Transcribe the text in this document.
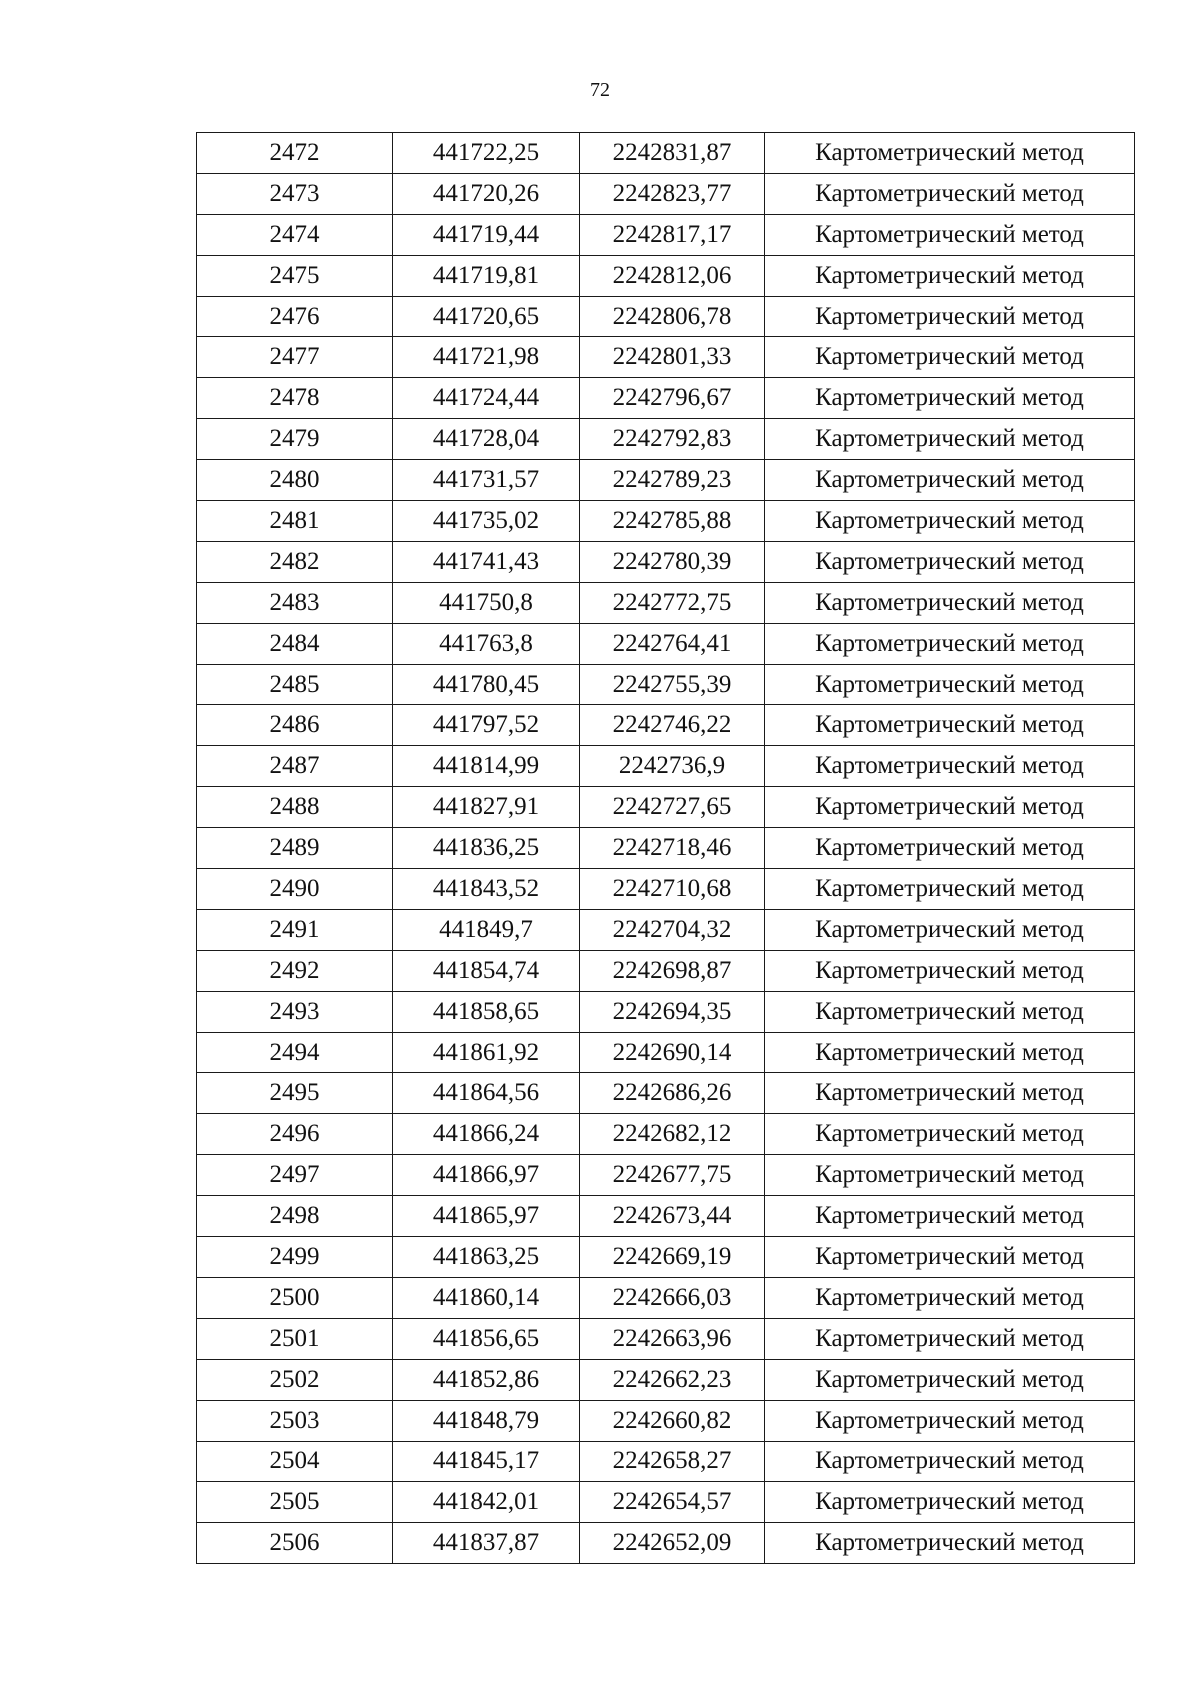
72
2472	441722,25	2242831,87	Картометрический метод
2473	441720,26	2242823,77	Картометрический метод
2474	441719,44	2242817,17	Картометрический метод
2475	441719,81	2242812,06	Картометрический метод
2476	441720,65	2242806,78	Картометрический метод
2477	441721,98	2242801,33	Картометрический метод
2478	441724,44	2242796,67	Картометрический метод
2479	441728,04	2242792,83	Картометрический метод
2480	441731,57	2242789,23	Картометрический метод
2481	441735,02	2242785,88	Картометрический метод
2482	441741,43	2242780,39	Картометрический метод
2483	441750,8	2242772,75	Картометрический метод
2484	441763,8	2242764,41	Картометрический метод
2485	441780,45	2242755,39	Картометрический метод
2486	441797,52	2242746,22	Картометрический метод
2487	441814,99	2242736,9	Картометрический метод
2488	441827,91	2242727,65	Картометрический метод
2489	441836,25	2242718,46	Картометрический метод
2490	441843,52	2242710,68	Картометрический метод
2491	441849,7	2242704,32	Картометрический метод
2492	441854,74	2242698,87	Картометрический метод
2493	441858,65	2242694,35	Картометрический метод
2494	441861,92	2242690,14	Картометрический метод
2495	441864,56	2242686,26	Картометрический метод
2496	441866,24	2242682,12	Картометрический метод
2497	441866,97	2242677,75	Картометрический метод
2498	441865,97	2242673,44	Картометрический метод
2499	441863,25	2242669,19	Картометрический метод
2500	441860,14	2242666,03	Картометрический метод
2501	441856,65	2242663,96	Картометрический метод
2502	441852,86	2242662,23	Картометрический метод
2503	441848,79	2242660,82	Картометрический метод
2504	441845,17	2242658,27	Картометрический метод
2505	441842,01	2242654,57	Картометрический метод
2506	441837,87	2242652,09	Картометрический метод
